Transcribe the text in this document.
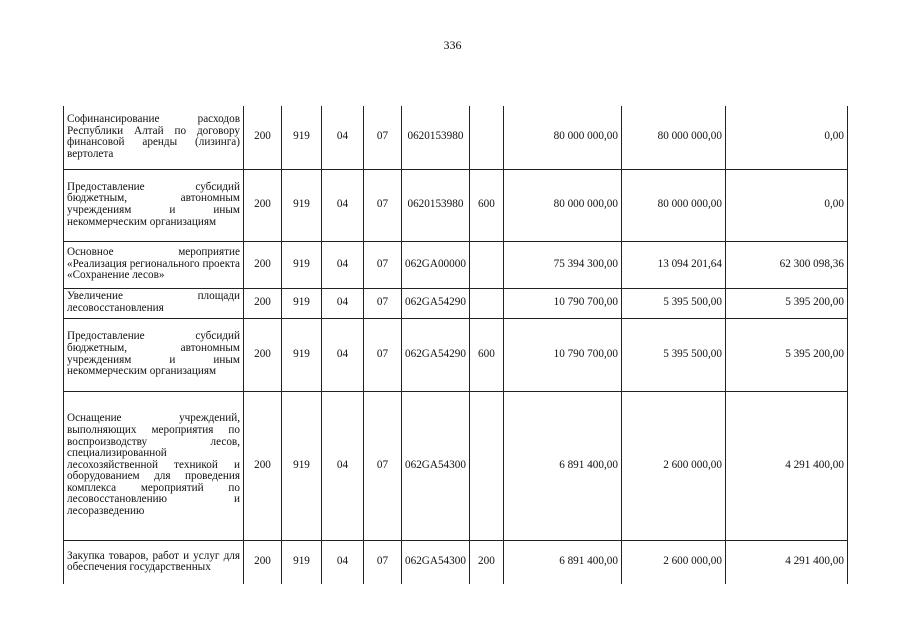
336
Софинансирование расходов Республики Алтай по договору финансовой аренды (лизинга) вертолета	200	919	04	07	0620153980		80 000 000,00	80 000 000,00	0,00
Предоставление субсидий бюджетным, автономным учреждениям и иным некоммерческим организациям	200	919	04	07	0620153980	600	80 000 000,00	80 000 000,00	0,00
Основное мероприятие «Реализация регионального проекта «Сохранение лесов»	200	919	04	07	062GA00000		75 394 300,00	13 094 201,64	62 300 098,36
Увеличение площади лесовосстановления	200	919	04	07	062GA54290		10 790 700,00	5 395 500,00	5 395 200,00
Предоставление субсидий бюджетным, автономным учреждениям и иным некоммерческим организациям	200	919	04	07	062GA54290	600	10 790 700,00	5 395 500,00	5 395 200,00
Оснащение учреждений, выполняющих мероприятия по воспроизводству лесов, специализированной лесохозяйственной техникой и оборудованием для проведения комплекса мероприятий по лесовосстановлению и лесоразведению	200	919	04	07	062GA54300		6 891 400,00	2 600 000,00	4 291 400,00
Закупка товаров, работ и услуг для обеспечения государственных	200	919	04	07	062GA54300	200	6 891 400,00	2 600 000,00	4 291 400,00
